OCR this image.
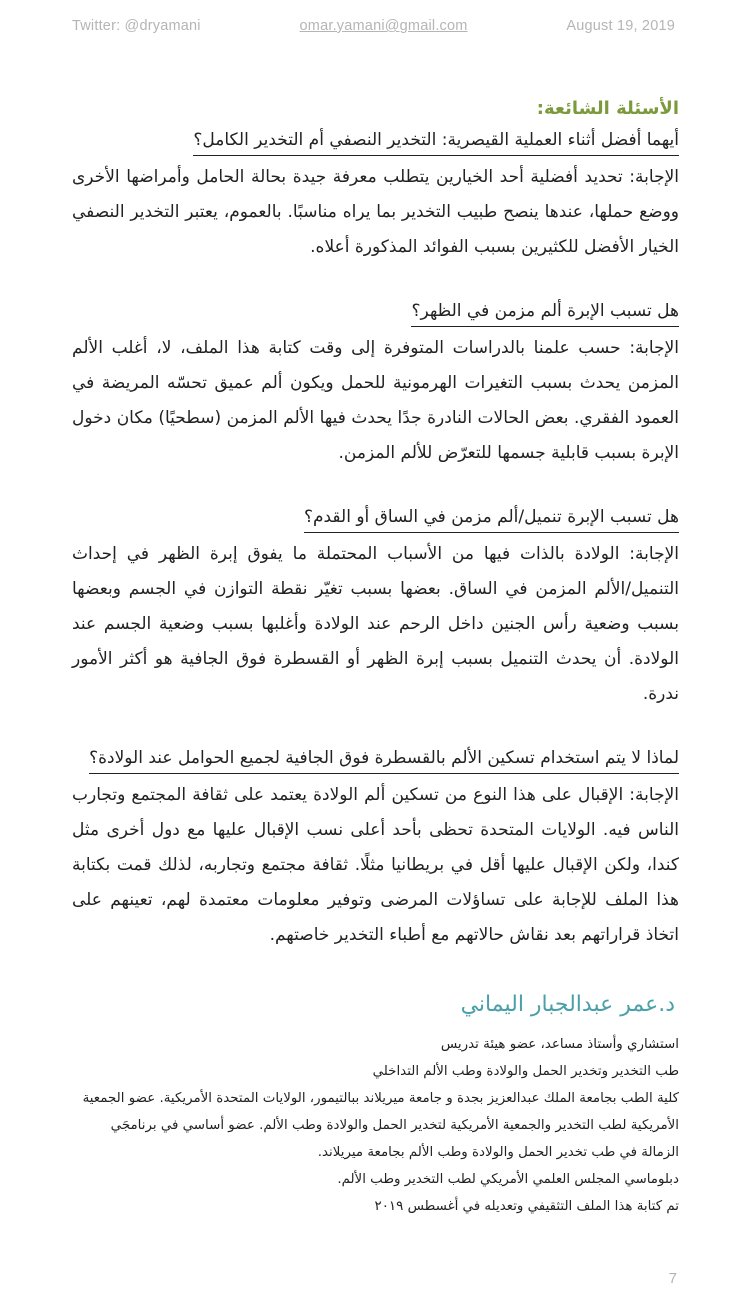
Twitter: @dryamani	omar.yamani@gmail.com	August 19, 2019

الأسئلة الشائعة:

أيهما أفضل أثناء العملية القيصرية: التخدير النصفي أم التخدير الكامل؟

الإجابة: تحديد أفضلية أحد الخيارين يتطلب معرفة جيدة بحالة الحامل وأمراضها الأخرى ووضع حملها، عندها ينصح طبيب التخدير بما يراه مناسبًا. بالعموم، يعتبر التخدير النصفي الخيار الأفضل للكثيرين بسبب الفوائد المذكورة أعلاه.

هل تسبب الإبرة ألم مزمن في الظهر؟

الإجابة: حسب علمنا بالدراسات المتوفرة إلى وقت كتابة هذا الملف، لا، أغلب الألم المزمن يحدث بسبب التغيرات الهرمونية للحمل ويكون ألم عميق تحسّه المريضة في العمود الفقري. بعض الحالات النادرة جدًا يحدث فيها الألم المزمن (سطحيًا) مكان دخول الإبرة بسبب قابلية جسمها للتعرّض للألم المزمن.

هل تسبب الإبرة تنميل/ألم مزمن في الساق أو القدم؟

الإجابة: الولادة بالذات فيها من الأسباب المحتملة ما يفوق إبرة الظهر في إحداث التنميل/الألم المزمن في الساق. بعضها بسبب تغيّر نقطة التوازن في الجسم وبعضها بسبب وضعية رأس الجنين داخل الرحم عند الولادة وأغلبها بسبب وضعية الجسم عند الولادة. أن يحدث التنميل بسبب إبرة الظهر أو القسطرة فوق الجافية هو أكثر الأمور ندرة.

لماذا لا يتم استخدام تسكين الألم بالقسطرة فوق الجافية لجميع الحوامل عند الولادة؟

الإجابة: الإقبال على هذا النوع من تسكين ألم الولادة يعتمد على ثقافة المجتمع وتجارب الناس فيه. الولايات المتحدة تحظى بأحد أعلى نسب الإقبال عليها مع دول أخرى مثل كندا، ولكن الإقبال عليها أقل في بريطانيا مثلًا. ثقافة مجتمع وتجاربه، لذلك قمت بكتابة هذا الملف للإجابة على تساؤلات المرضى وتوفير معلومات معتمدة لهم، تعينهم على اتخاذ قراراتهم بعد نقاش حالاتهم مع أطباء التخدير خاصتهم.

د.عمر عبدالجبار اليماني

استشاري وأستاذ مساعد، عضو هيئة تدريس

طب التخدير وتخدير الحمل والولادة وطب الألم التداخلي

كلية الطب بجامعة الملك عبدالعزيز بجدة و جامعة ميريلاند ببالتيمور، الولايات المتحدة الأمريكية. عضو الجمعية الأمريكية لطب التخدير والجمعية الأمريكية لتخدير الحمل والولادة وطب الألم. عضو أساسي في برنامجَي الزمالة في طب تخدير الحمل والولادة وطب الألم بجامعة ميريلاند.

دبلوماسي المجلس العلمي الأمريكي لطب التخدير وطب الألم.

تم كتابة هذا الملف التثقيفي وتعديله في أغسطس ٢٠١٩

7
